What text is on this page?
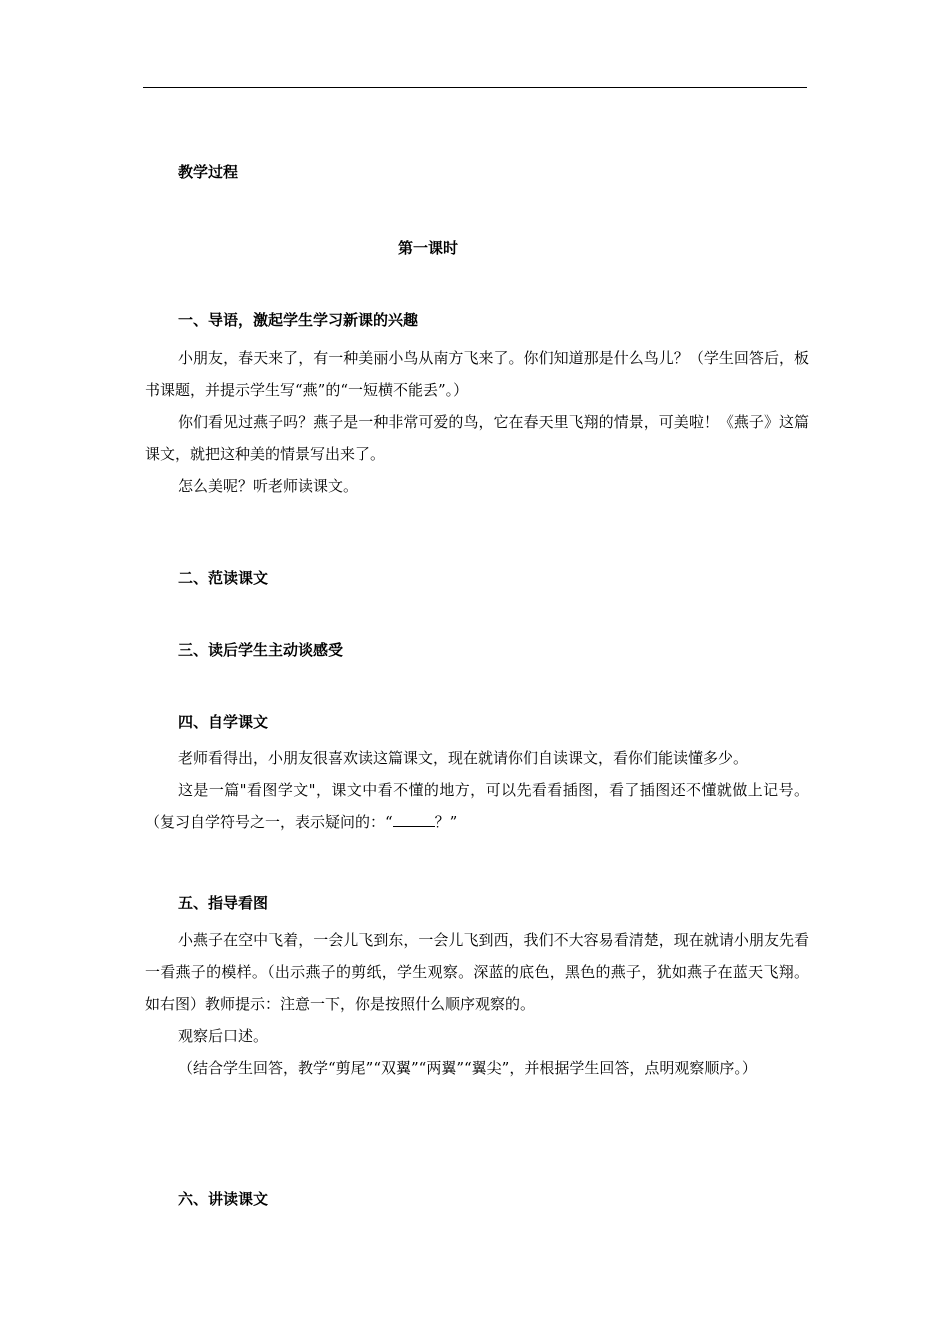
教学过程
第一课时
一、导语，激起学生学习新课的兴趣

小朋友，春天来了，有一种美丽小鸟从南方飞来了。你们知道那是什么鸟儿？（学生回答后，板书课题，并提示学生写“燕”的“一短横不能丢”。）

你们看见过燕子吗？燕子是一种非常可爱的鸟，它在春天里飞翔的情景，可美啦！《燕子》这篇课文，就把这种美的情景写出来了。

怎么美呢？听老师读课文。

二、范读课文
三、读后学生主动谈感受
四、自学课文

老师看得出，小朋友很喜欢读这篇课文，现在就请你们自读课文，看你们能读懂多少。

这是一篇"看图学文"，课文中看不懂的地方，可以先看看插图，看了插图还不懂就做上记号。（复习自学符号之一，表示疑问的：“	？”

五、指导看图

小燕子在空中飞着，一会儿飞到东，一会儿飞到西，我们不大容易看清楚，现在就请小朋友先看一看燕子的模样。（出示燕子的剪纸，学生观察。深蓝的底色，黑色的燕子，犹如燕子在蓝天飞翔。如右图）教师提示：注意一下，你是按照什么顺序观察的。

观察后口述。

（结合学生回答，教学“剪尾”“双翼”“两翼”“翼尖”，并根据学生回答，点明观察顺序。）

六、讲读课文
